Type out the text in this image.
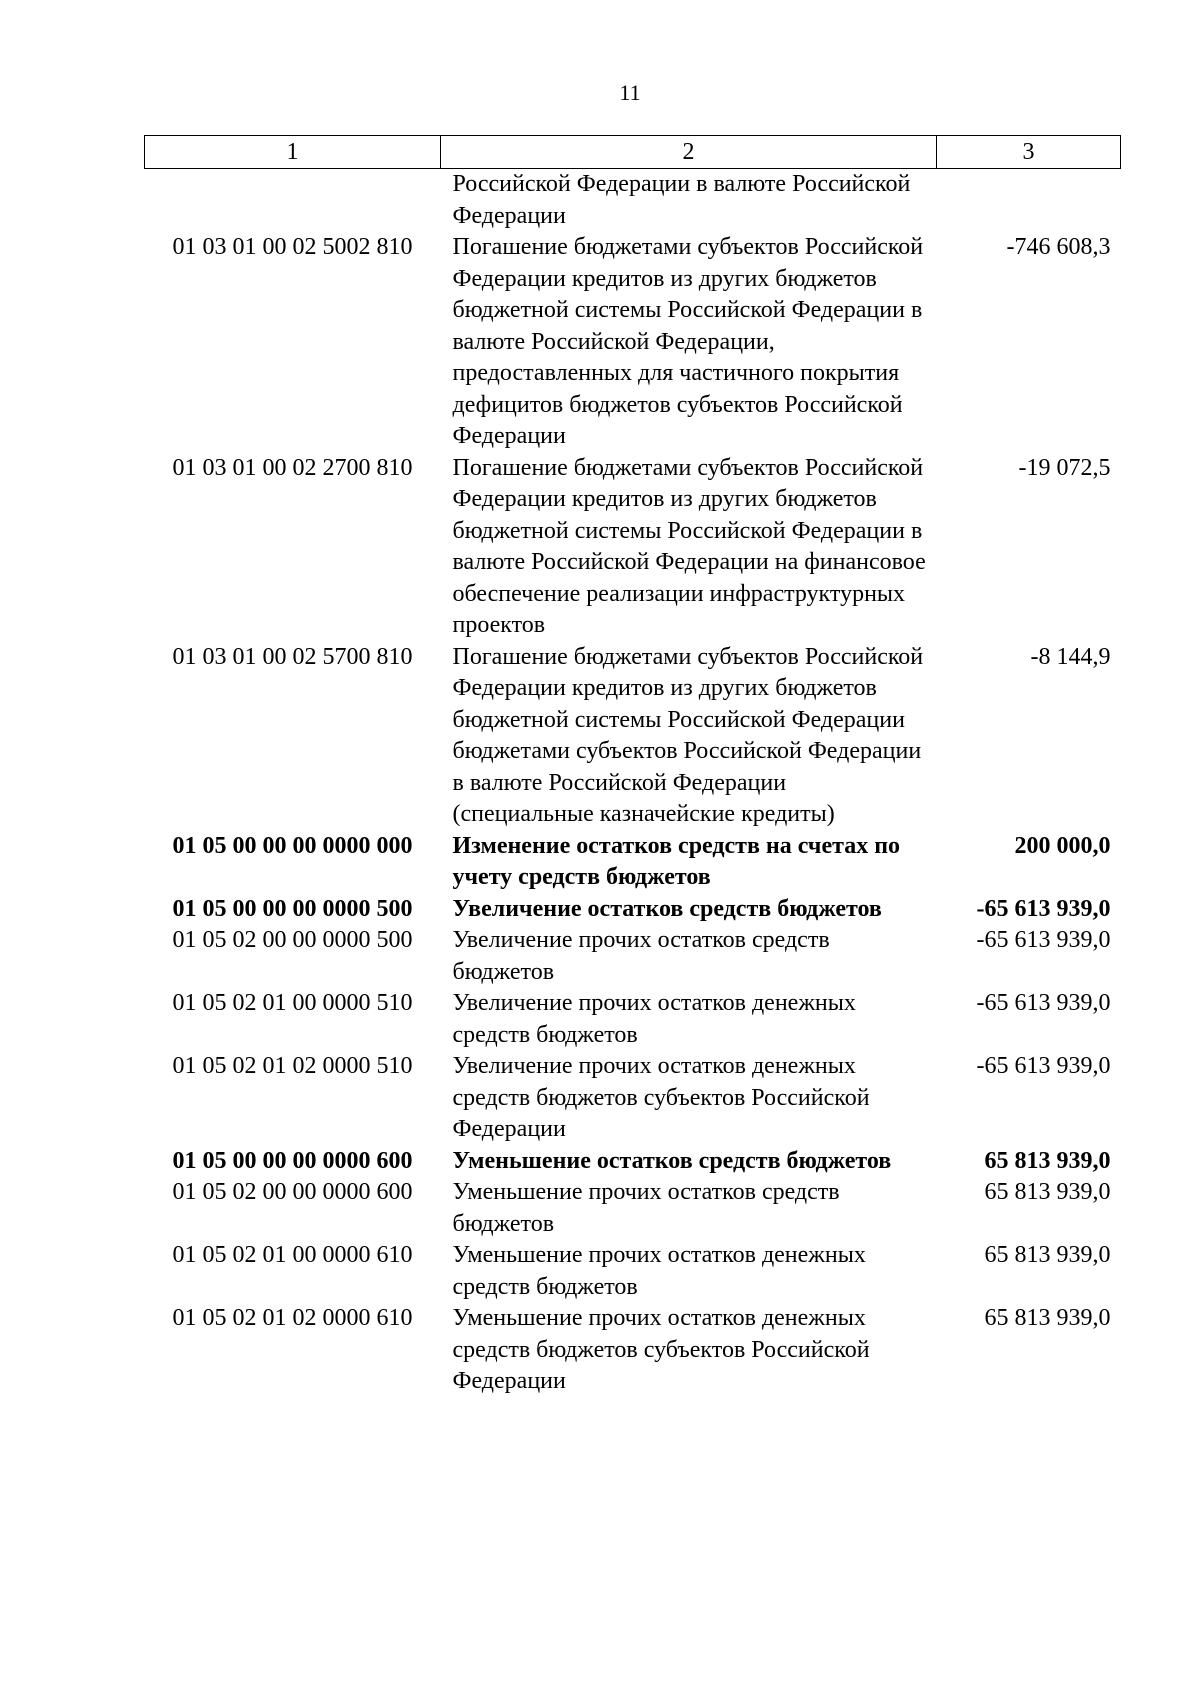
11
1	2	3
	Российской Федерации в валюте Российской Федерации	
01 03 01 00 02 5002 810	Погашение бюджетами субъектов Российской Федерации кредитов из других бюджетов бюджетной системы Российской Федерации в валюте Российской Федерации, предоставленных для частичного покрытия дефицитов бюджетов субъектов Российской Федерации	-746 608,3
01 03 01 00 02 2700 810	Погашение бюджетами субъектов Российской Федерации кредитов из других бюджетов бюджетной системы Российской Федерации в валюте Российской Федерации на финансовое обеспечение реализации инфраструктурных проектов	-19 072,5
01 03 01 00 02 5700 810	Погашение бюджетами субъектов Российской Федерации кредитов из других бюджетов бюджетной системы Российской Федерации бюджетами субъектов Российской Федерации в валюте Российской Федерации (специальные казначейские кредиты)	-8 144,9
01 05 00 00 00 0000 000	Изменение остатков средств на счетах по учету средств бюджетов	200 000,0
01 05 00 00 00 0000 500	Увеличение остатков средств бюджетов	-65 613 939,0
01 05 02 00 00 0000 500	Увеличение прочих остатков средств бюджетов	-65 613 939,0
01 05 02 01 00 0000 510	Увеличение прочих остатков денежных средств бюджетов	-65 613 939,0
01 05 02 01 02 0000 510	Увеличение прочих остатков денежных средств бюджетов субъектов Российской Федерации	-65 613 939,0
01 05 00 00 00 0000 600	Уменьшение остатков средств бюджетов	65 813 939,0
01 05 02 00 00 0000 600	Уменьшение прочих остатков средств бюджетов	65 813 939,0
01 05 02 01 00 0000 610	Уменьшение прочих остатков денежных средств бюджетов	65 813 939,0
01 05 02 01 02 0000 610	Уменьшение прочих остатков денежных средств бюджетов субъектов Российской Федерации	65 813 939,0
